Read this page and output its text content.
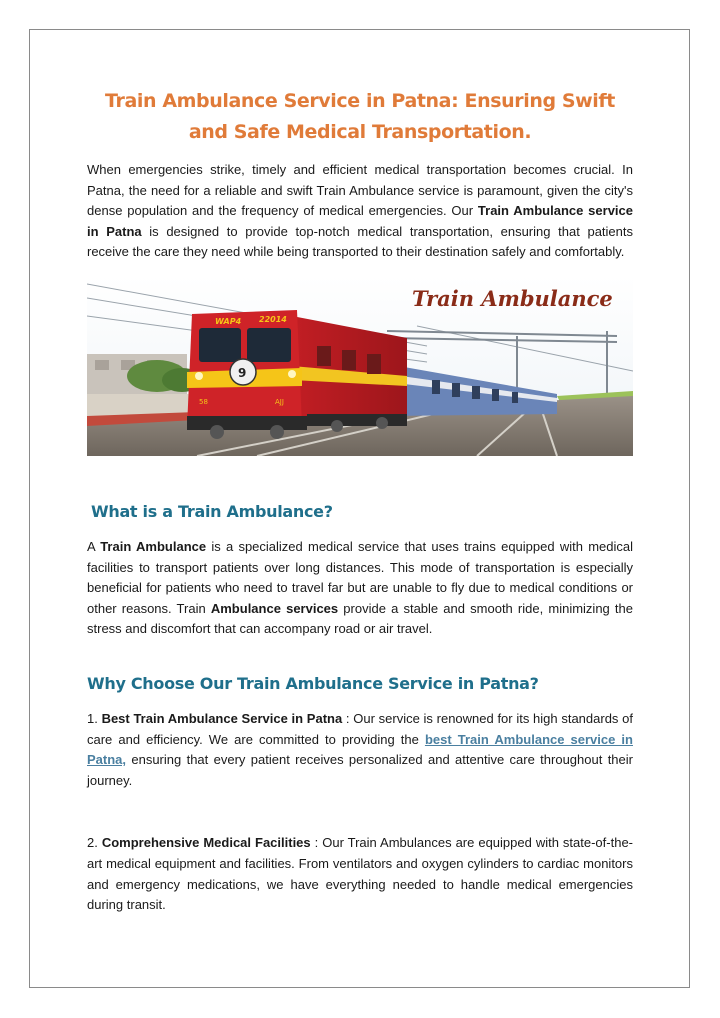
Train Ambulance Service in Patna: Ensuring Swift and Safe Medical Transportation.

When emergencies strike, timely and efficient medical transportation becomes crucial. In Patna, the need for a reliable and swift Train Ambulance service is paramount, given the city's dense population and the frequency of medical emergencies. Our Train Ambulance service in Patna is designed to provide top-notch medical transportation, ensuring that patients receive the care they need while being transported to their destination safely and comfortably.

9
WAP4 22014
58	AJJ
Train Ambulance
What is a Train Ambulance?

A Train Ambulance is a specialized medical service that uses trains equipped with medical facilities to transport patients over long distances. This mode of transportation is especially beneficial for patients who need to travel far but are unable to fly due to medical conditions or other reasons. Train Ambulance services provide a stable and smooth ride, minimizing the stress and discomfort that can accompany road or air travel.

Why Choose Our Train Ambulance Service in Patna?

1. Best Train Ambulance Service in Patna : Our service is renowned for its high standards of care and efficiency. We are committed to providing the best Train Ambulance service in Patna, ensuring that every patient receives personalized and attentive care throughout their journey.

2. Comprehensive Medical Facilities : Our Train Ambulances are equipped with state-of-the-art medical equipment and facilities. From ventilators and oxygen cylinders to cardiac monitors and emergency medications, we have everything needed to handle medical emergencies during transit.
